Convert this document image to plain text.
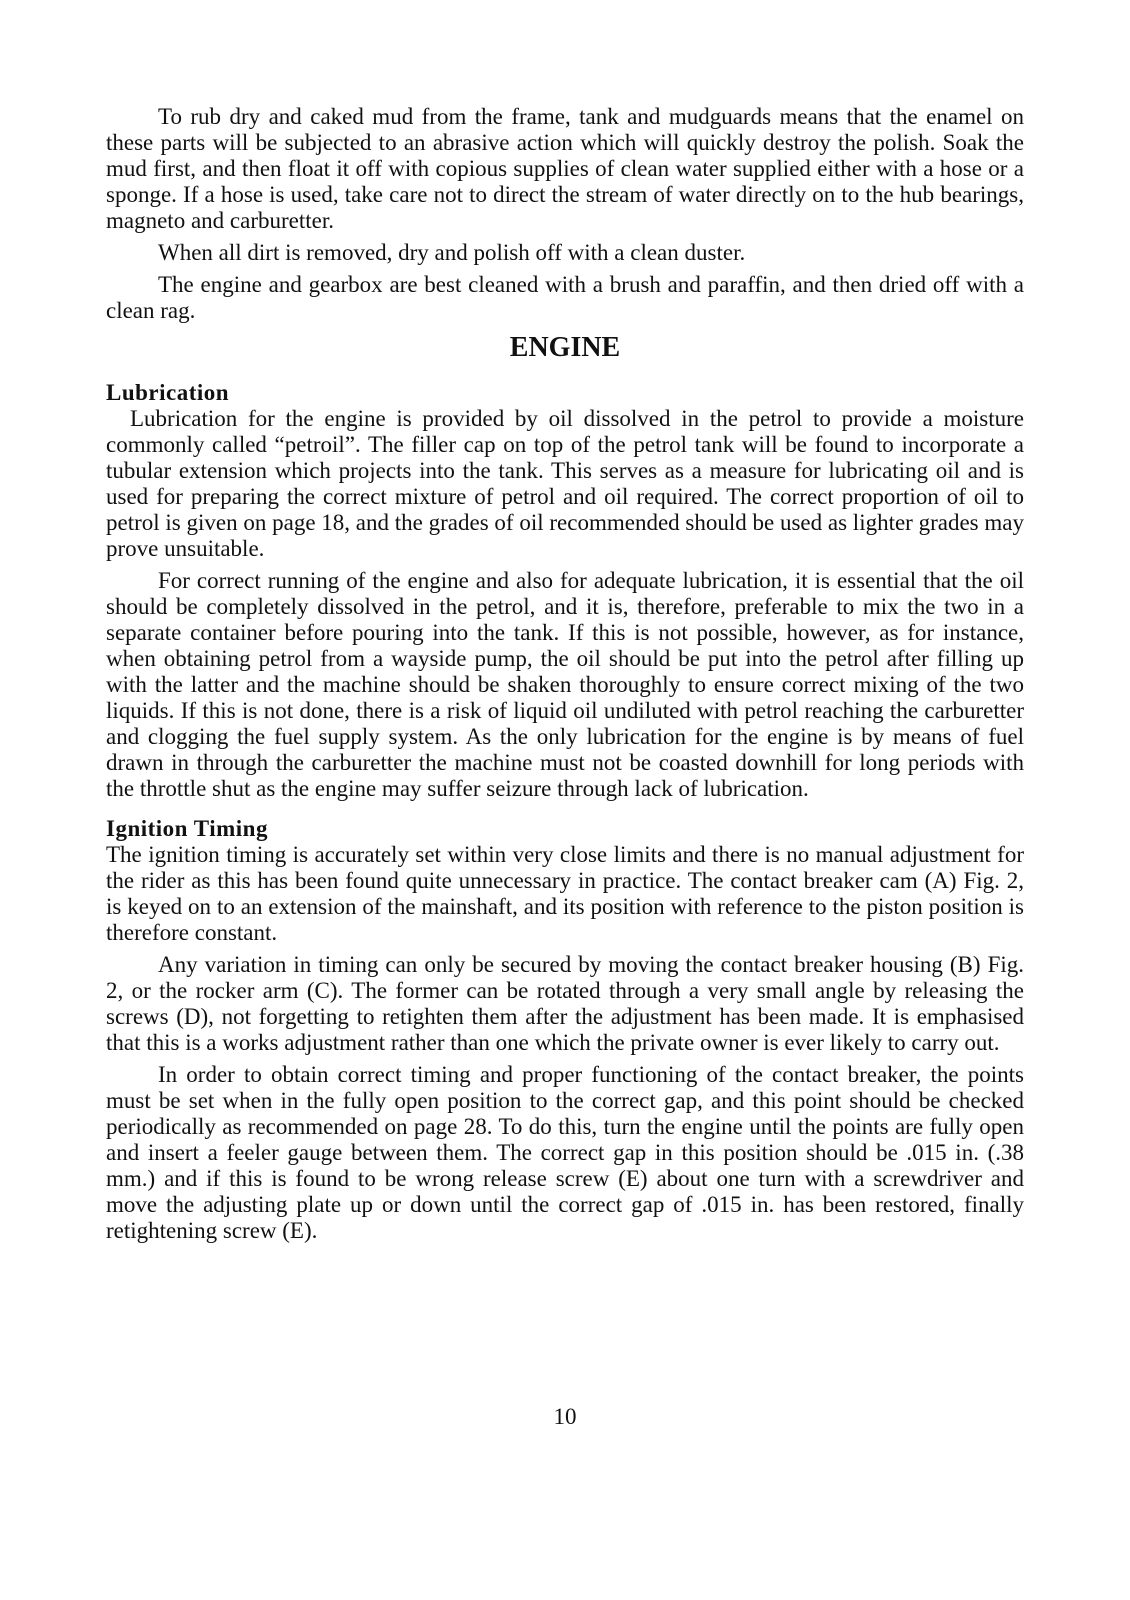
To rub dry and caked mud from the frame, tank and mudguards means that the enamel on these parts will be subjected to an abrasive action which will quickly destroy the polish. Soak the mud first, and then float it off with copious supplies of clean water supplied either with a hose or a sponge. If a hose is used, take care not to direct the stream of water directly on to the hub bearings, magneto and carburetter.

When all dirt is removed, dry and polish off with a clean duster.

The engine and gearbox are best cleaned with a brush and paraffin, and then dried off with a clean rag.

ENGINE
Lubrication

Lubrication for the engine is provided by oil dissolved in the petrol to provide a moisture commonly called “petroil”. The filler cap on top of the petrol tank will be found to incorporate a tubular extension which projects into the tank. This serves as a measure for lubricating oil and is used for preparing the correct mixture of petrol and oil required. The correct proportion of oil to petrol is given on page 18, and the grades of oil recommended should be used as lighter grades may prove unsuitable.

For correct running of the engine and also for adequate lubrication, it is essential that the oil should be completely dissolved in the petrol, and it is, therefore, preferable to mix the two in a separate container before pouring into the tank. If this is not possible, however, as for instance, when obtaining petrol from a wayside pump, the oil should be put into the petrol after filling up with the latter and the machine should be shaken thoroughly to ensure correct mixing of the two liquids. If this is not done, there is a risk of liquid oil undiluted with petrol reaching the carburetter and clogging the fuel supply system. As the only lubrication for the engine is by means of fuel drawn in through the carburetter the machine must not be coasted downhill for long periods with the throttle shut as the engine may suffer seizure through lack of lubrication.

Ignition Timing

The ignition timing is accurately set within very close limits and there is no manual adjustment for the rider as this has been found quite unnecessary in practice. The contact breaker cam (A) Fig. 2, is keyed on to an extension of the mainshaft, and its position with reference to the piston position is therefore constant.

Any variation in timing can only be secured by moving the contact breaker housing (B) Fig. 2, or the rocker arm (C). The former can be rotated through a very small angle by releasing the screws (D), not forgetting to retighten them after the adjustment has been made. It is emphasised that this is a works adjustment rather than one which the private owner is ever likely to carry out.

In order to obtain correct timing and proper functioning of the contact breaker, the points must be set when in the fully open position to the correct gap, and this point should be checked periodically as recommended on page 28. To do this, turn the engine until the points are fully open and insert a feeler gauge between them. The correct gap in this position should be .015 in. (.38 mm.) and if this is found to be wrong release screw (E) about one turn with a screwdriver and move the adjusting plate up or down until the correct gap of .015 in. has been restored, finally retightening screw (E).

10
